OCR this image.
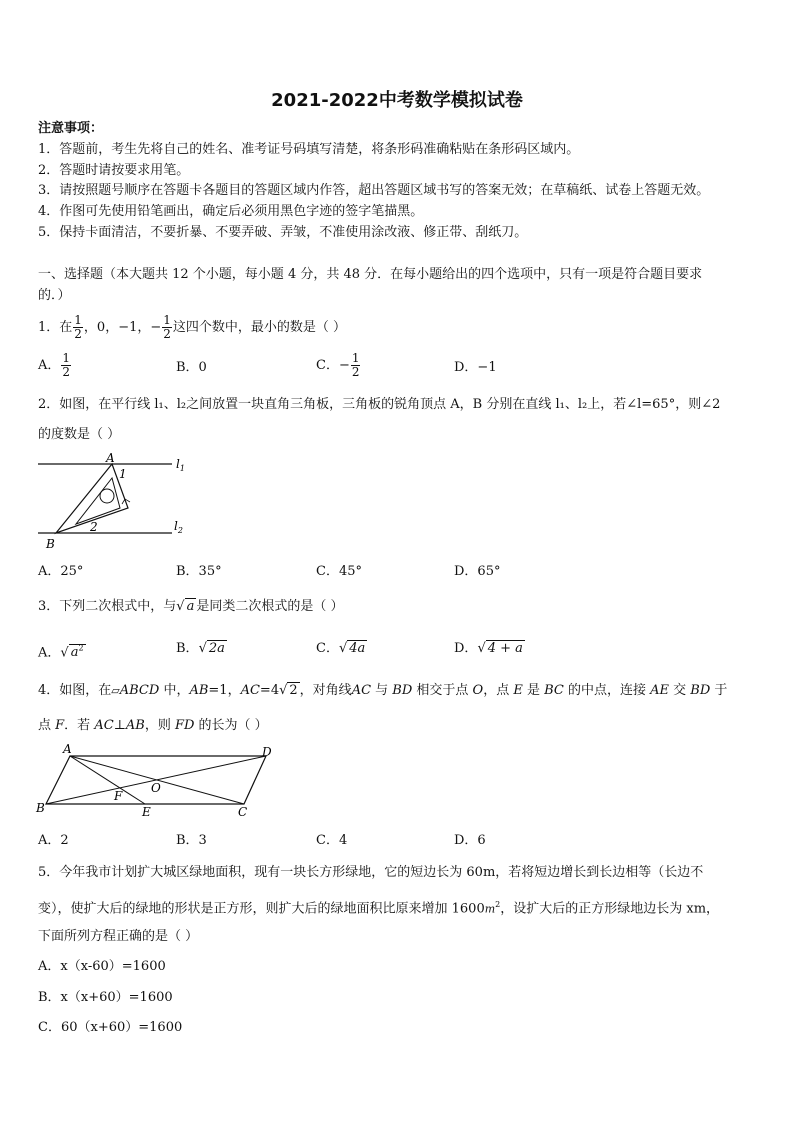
2021-2022中考数学模拟试卷
注意事项：
1．答题前，考生先将自己的姓名、准考证号码填写清楚，将条形码准确粘贴在条形码区域内。
2．答题时请按要求用笔。
3．请按照题号顺序在答题卡各题目的答题区域内作答，超出答题区域书写的答案无效；在草稿纸、试卷上答题无效。
4．作图可先使用铅笔画出，确定后必须用黑色字迹的签字笔描黑。
5．保持卡面清洁，不要折暴、不要弄破、弄皱，不准使用涂改液、修正带、刮纸刀。
一、选择题（本大题共 12 个小题，每小题 4 分，共 48 分．在每小题给出的四个选项中，只有一项是符合题目要求
的．）
1．在 $\frac{1}{2}$ ，0，−1，− $\frac{1}{2}$ 这四个数中，最小的数是（ ）
A． $\frac{1}{2}$	B．0	C．− $\frac{1}{2}$	D．−1
2．如图，在平行线 l₁、l₂之间放置一块直角三角板，三角板的锐角顶点 A，B 分别在直线 l₁、l₂上，若∠l=65°，则∠2
的度数是（ ）
A
B
1
2
$l_1$
$l_2$
A．25°	B．35°	C．45°	D．65°
3．下列二次根式中，与√ a 是同类二次根式的是（ ）
A．√ $a^2$	B．√ 2a	C．√ 4a	D．√ 4 + a
4．如图，在▱ABCD 中，AB=1，AC=4√ 2 ，对角线AC 与 BD 相交于点 O，点 E 是 BC 的中点，连接 AE 交 BD 于
点 F．若 AC⊥AB，则 FD 的长为（ ）
A	D
B	C
E
F
O
A．2	B．3	C．4	D．6
5．今年我市计划扩大城区绿地面积，现有一块长方形绿地，它的短边长为 60m，若将短边增长到长边相等（长边不
变），使扩大后的绿地的形状是正方形，则扩大后的绿地面积比原来增加 $1600m^2$，设扩大后的正方形绿地边长为 xm，
下面所列方程正确的是（ ）
A．x（x-60）=1600
B．x（x+60）=1600
C．60（x+60）=1600
